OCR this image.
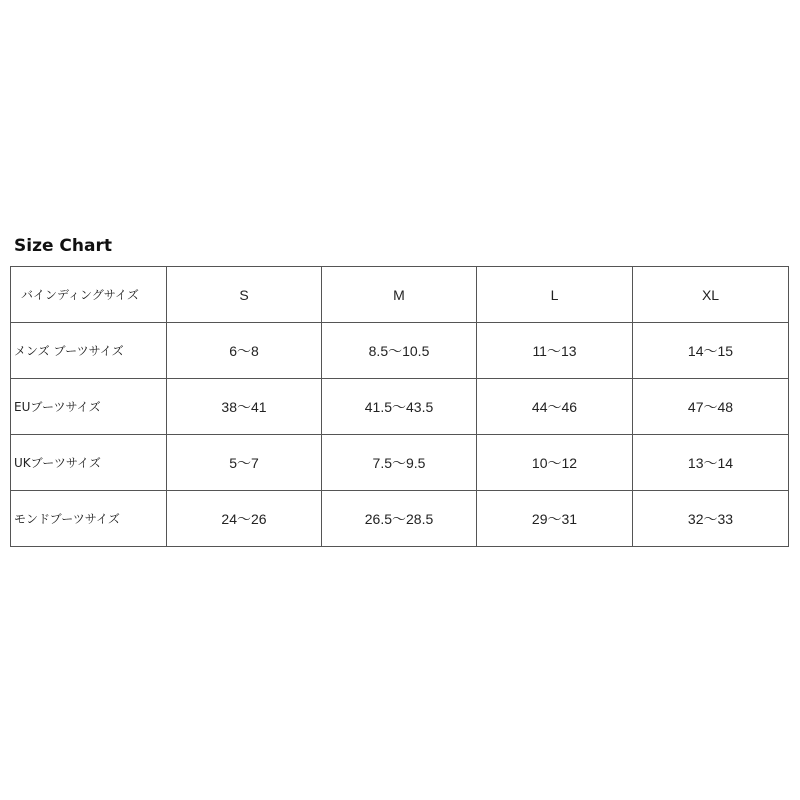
Size Chart
バインディングサイズ	S	M	L	XL
メンズ ブーツサイズ	6〜8	8.5〜10.5	11〜13	14〜15
EUブーツサイズ	38〜41	41.5〜43.5	44〜46	47〜48
UKブーツサイズ	5〜7	7.5〜9.5	10〜12	13〜14
モンドブーツサイズ	24〜26	26.5〜28.5	29〜31	32〜33
